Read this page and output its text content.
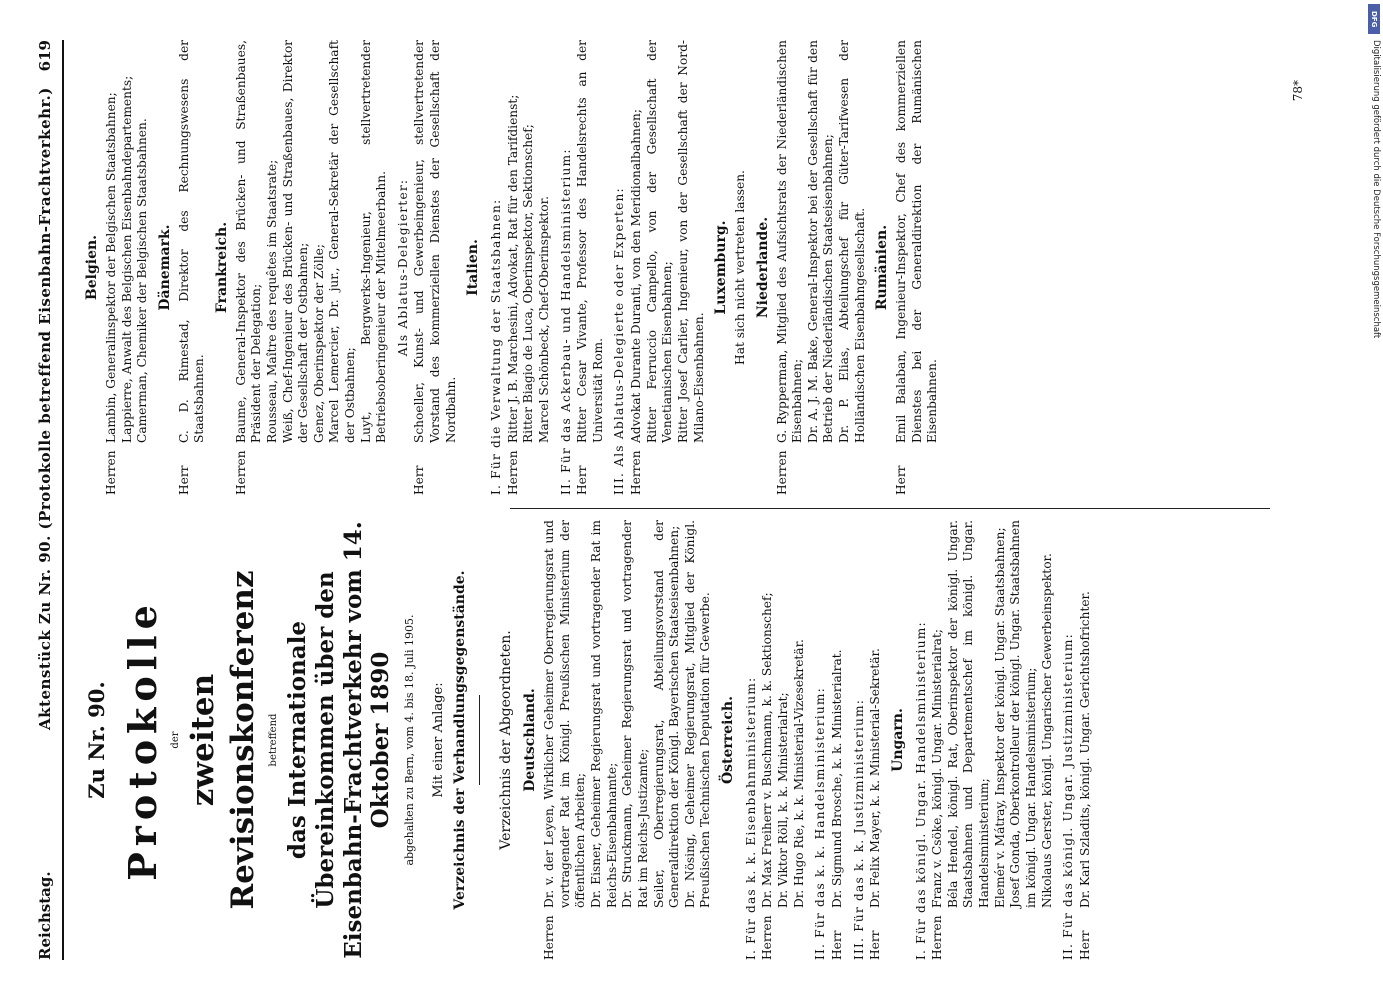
Reichstag.
Aktenstück Zu Nr. 90. (Protokolle betreffend Eisenbahn-Frachtverkehr.)
619
Zu Nr. 90. Protokolle der zweiten Revisionskonferenz betreffend das Internationale Übereinkommen über den Eisenbahn-Frachtverkehr vom 14. Oktober 1890 abgehalten zu Bern, vom 4. bis 18. Juli 1905. Mit einer Anlage: Verzeichnis der Verhandlungsgegenstände. Verzeichnis der Abgeordneten. Deutschland.
Herren
Dr. v. der Leyen, Wirklicher Geheimer Oberregierungsrat und vortragender Rat im Königl. Preußischen Ministerium der öffentlichen Arbeiten; Dr. Eisner, Geheimer Regierungsrat und vortragender Rat im Reichs-Eisenbahnamte; Dr. Struckmann, Geheimer Regierungsrat und vortragender Rat im Reichs-Justizamte; Seiler, Oberregierungsrat, Abteilungsvorstand der Generaldirektion der Königl. Bayerischen Staatseisenbahnen; Dr. Nösing, Geheimer Regierungsrat, Mitglied der Königl. Preußischen Technischen Deputation für Gewerbe. Österreich. I. Für das k. k. Eisenbahnministerium: Herren
Dr. Max Freiherr v. Buschmann, k. k. Sektionschef; Dr. Viktor Röll, k. k. Ministerialrat; Dr. Hugo Rie, k. k. Ministerial-Vizesekretär. II. Für das k. k. Handelsministerium: Herr
Dr. Sigmund Brosche, k. k. Ministerialrat. III. Für das k. k. Justizministerium: Herr
Dr. Felix Mayer, k. k. Ministerial-Sekretär. Ungarn. I. Für das königl. Ungar. Handelsministerium: Herren
Franz v. Csöke, königl. Ungar. Ministerialrat; Béla Hendel, königl. Rat, Oberinspektor der königl. Ungar. Staatsbahnen und Departementschef im königl. Ungar. Handelsministerium; Elemér v. Mátray, Inspektor der königl. Ungar. Staatsbahnen; Josef Gonda, Oberkontrolleur der königl. Ungar. Staatsbahnen im königl. Ungar. Handelsministerium; Nikolaus Gerster, königl. Ungarischer Gewerbeinspektor. II. Für das königl. Ungar. Justizministerium: Herr
Dr. Karl Szladits, königl. Ungar. Gerichtshofrichter.
Belgien.
Herren
Lambin, Generalinspektor der Belgischen Staatsbahnen; Lappierre, Anwalt des Belgischen Eisenbahndepartements; Camerman, Chemiker der Belgischen Staatsbahnen. Dänemark.
Herr
C. D. Rimestad, Direktor des Rechnungswesens der Staatsbahnen.
Frankreich.
Herren
Baume, General-Inspektor des Brücken- und Straßenbaues, Präsident der Delegation; Rousseau, Maître des requêtes im Staatsrate; Weiß, Chef-Ingenieur des Brücken- und Straßenbaues, Direktor der Gesellschaft der Ostbahnen; Genez, Oberinspektor der Zölle; Marcel Lemercier, Dr. jur., General-Sekretär der Gesellschaft der Ostbahnen; Luyt, Bergwerks-Ingenieur, stellvertretender Betriebsoberingenieur der Mittelmeerbahn. Als Ablatus-Delegierter:
Herr
Schoeller, Kunst- und Gewerbeingenieur, stellvertretender Vorstand des kommerziellen Dienstes der Gesellschaft der Nordbahn.
Italien. I. Für die Verwaltung der Staatsbahnen: Herren
Ritter J. B. Marchesini, Advokat, Rat für den Tarifdienst; Ritter Biagio de Luca, Oberinspektor, Sektionschef; Marcel Schönbeck, Chef-Oberinspektor. II. Für das Ackerbau- und Handelsministerium: Herr
Ritter Cesar Vivante, Professor des Handelsrechts an der Universität Rom. III. Als Ablatus-Delegierte oder Experten: Herren
Advokat Durante Duranti, von den Meridionalbahnen; Ritter Ferruccio Campello, von der Gesellschaft der Venetianischen Eisenbahnen; Ritter Josef Carlier, Ingenieur, von der Gesellschaft der Nord-Milano-Eisenbahnen.
Luxemburg. Hat sich nicht vertreten lassen. Niederlande.
Herren
G. Rypperman, Mitglied des Aufsichtsrats der Niederländischen Eisenbahnen; Dr. A. J. M. Bake, General-Inspektor bei der Gesellschaft für den Betrieb der Niederländischen Staatseisenbahnen; Dr. P. Elias, Abteilungschef für Güter-Tarifwesen der Holländischen Eisenbahngesellschaft. Rumänien.
Herr
Emil Balaban, Ingenieur-Inspektor, Chef des kommerziellen Dienstes bei der Generaldirektion der Rumänischen Eisenbahnen.
78*
DFG
Digitalisierung gefördert durch die Deutsche Forschungsgemeinschaft
